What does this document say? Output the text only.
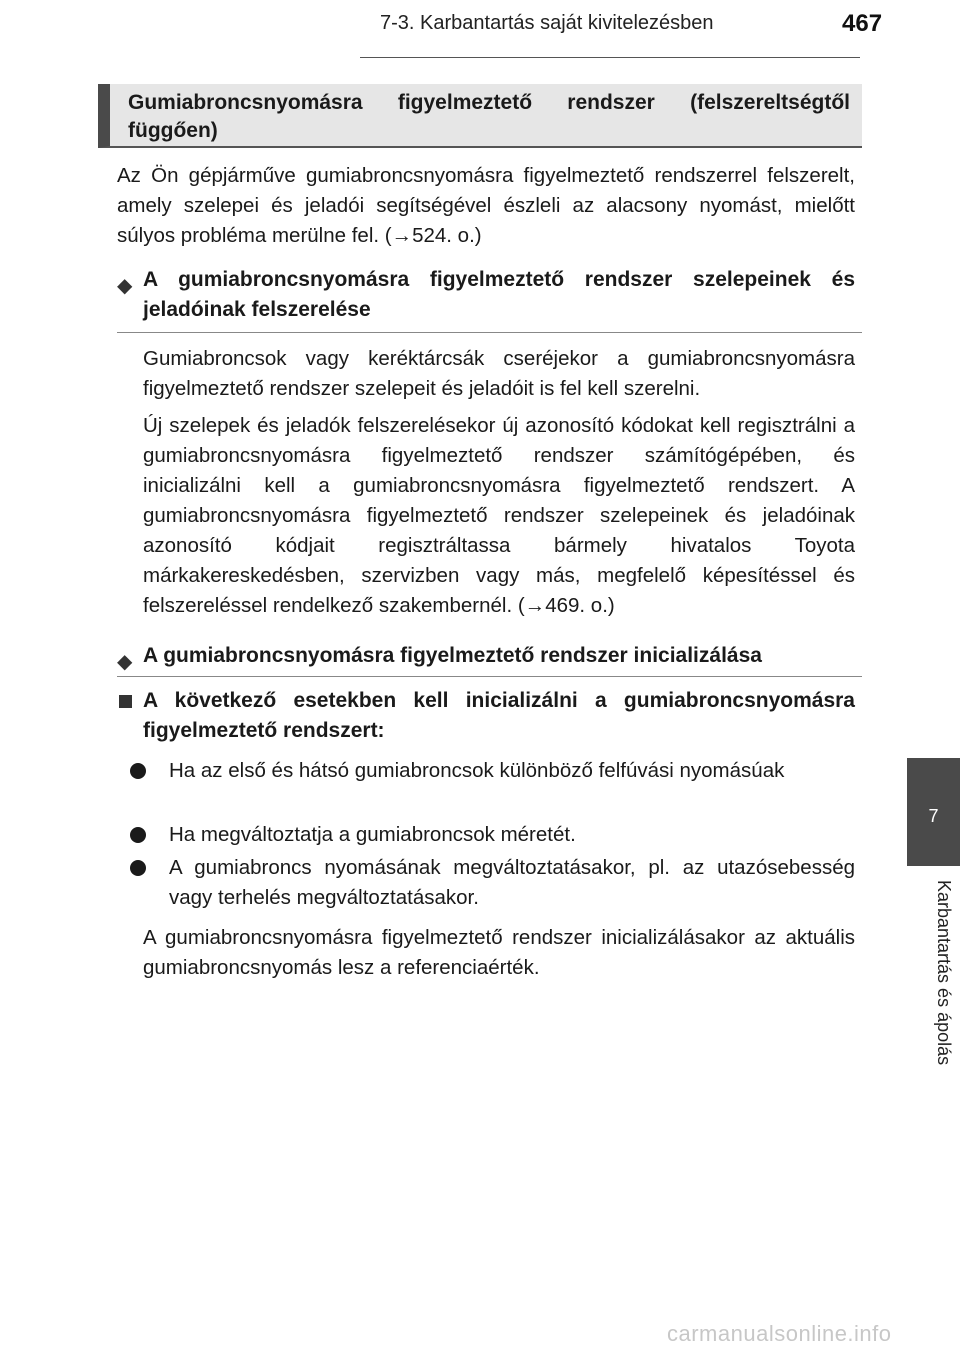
7-3. Karbantartás saját kivitelezésben	467
Gumiabroncsnyomásra figyelmeztető rendszer (felszereltségtől függően)

Az Ön gépjárműve gumiabroncsnyomásra figyelmeztető rendszerrel felszerelt, amely szelepei és jeladói segítségével észleli az alacsony nyomást, mielőtt súlyos probléma merülne fel. (→524. o.)

◆ A gumiabroncsnyomásra figyelmeztető rendszer szelepeinek és jeladóinak felszerelése

Gumiabroncsok vagy keréktárcsák cseréjekor a gumiabroncsnyomásra figyelmeztető rendszer szelepeit és jeladóit is fel kell szerelni.

Új szelepek és jeladók felszerelésekor új azonosító kódokat kell regisztrálni a gumiabroncsnyomásra figyelmeztető rendszer számítógépében, és inicializálni kell a gumiabroncsnyomásra figyelmeztető rendszert. A gumiabroncsnyomásra figyelmeztető rendszer szelepeinek és jeladóinak azonosító kódjait regisztráltassa bármely hivatalos Toyota márkakereskedésben, szervizben vagy más, megfelelő képesítéssel és felszereléssel rendelkező szakembernél. (→469. o.)

◆ A gumiabroncsnyomásra figyelmeztető rendszer inicializálása
A következő esetekben kell inicializálni a gumiabroncsnyomásra figyelmeztető rendszert:
Ha az első és hátsó gumiabroncsok különböző felfúvási nyomásúak
Ha megváltoztatja a gumiabroncsok méretét.
A gumiabroncs nyomásának megváltoztatásakor, pl. az utazósebesség vagy terhelés megváltoztatásakor.

A gumiabroncsnyomásra figyelmeztető rendszer inicializálásakor az aktuális gumiabroncsnyomás lesz a referenciaérték.

7
Karbantartás és ápolás
carmanualsonline.info
